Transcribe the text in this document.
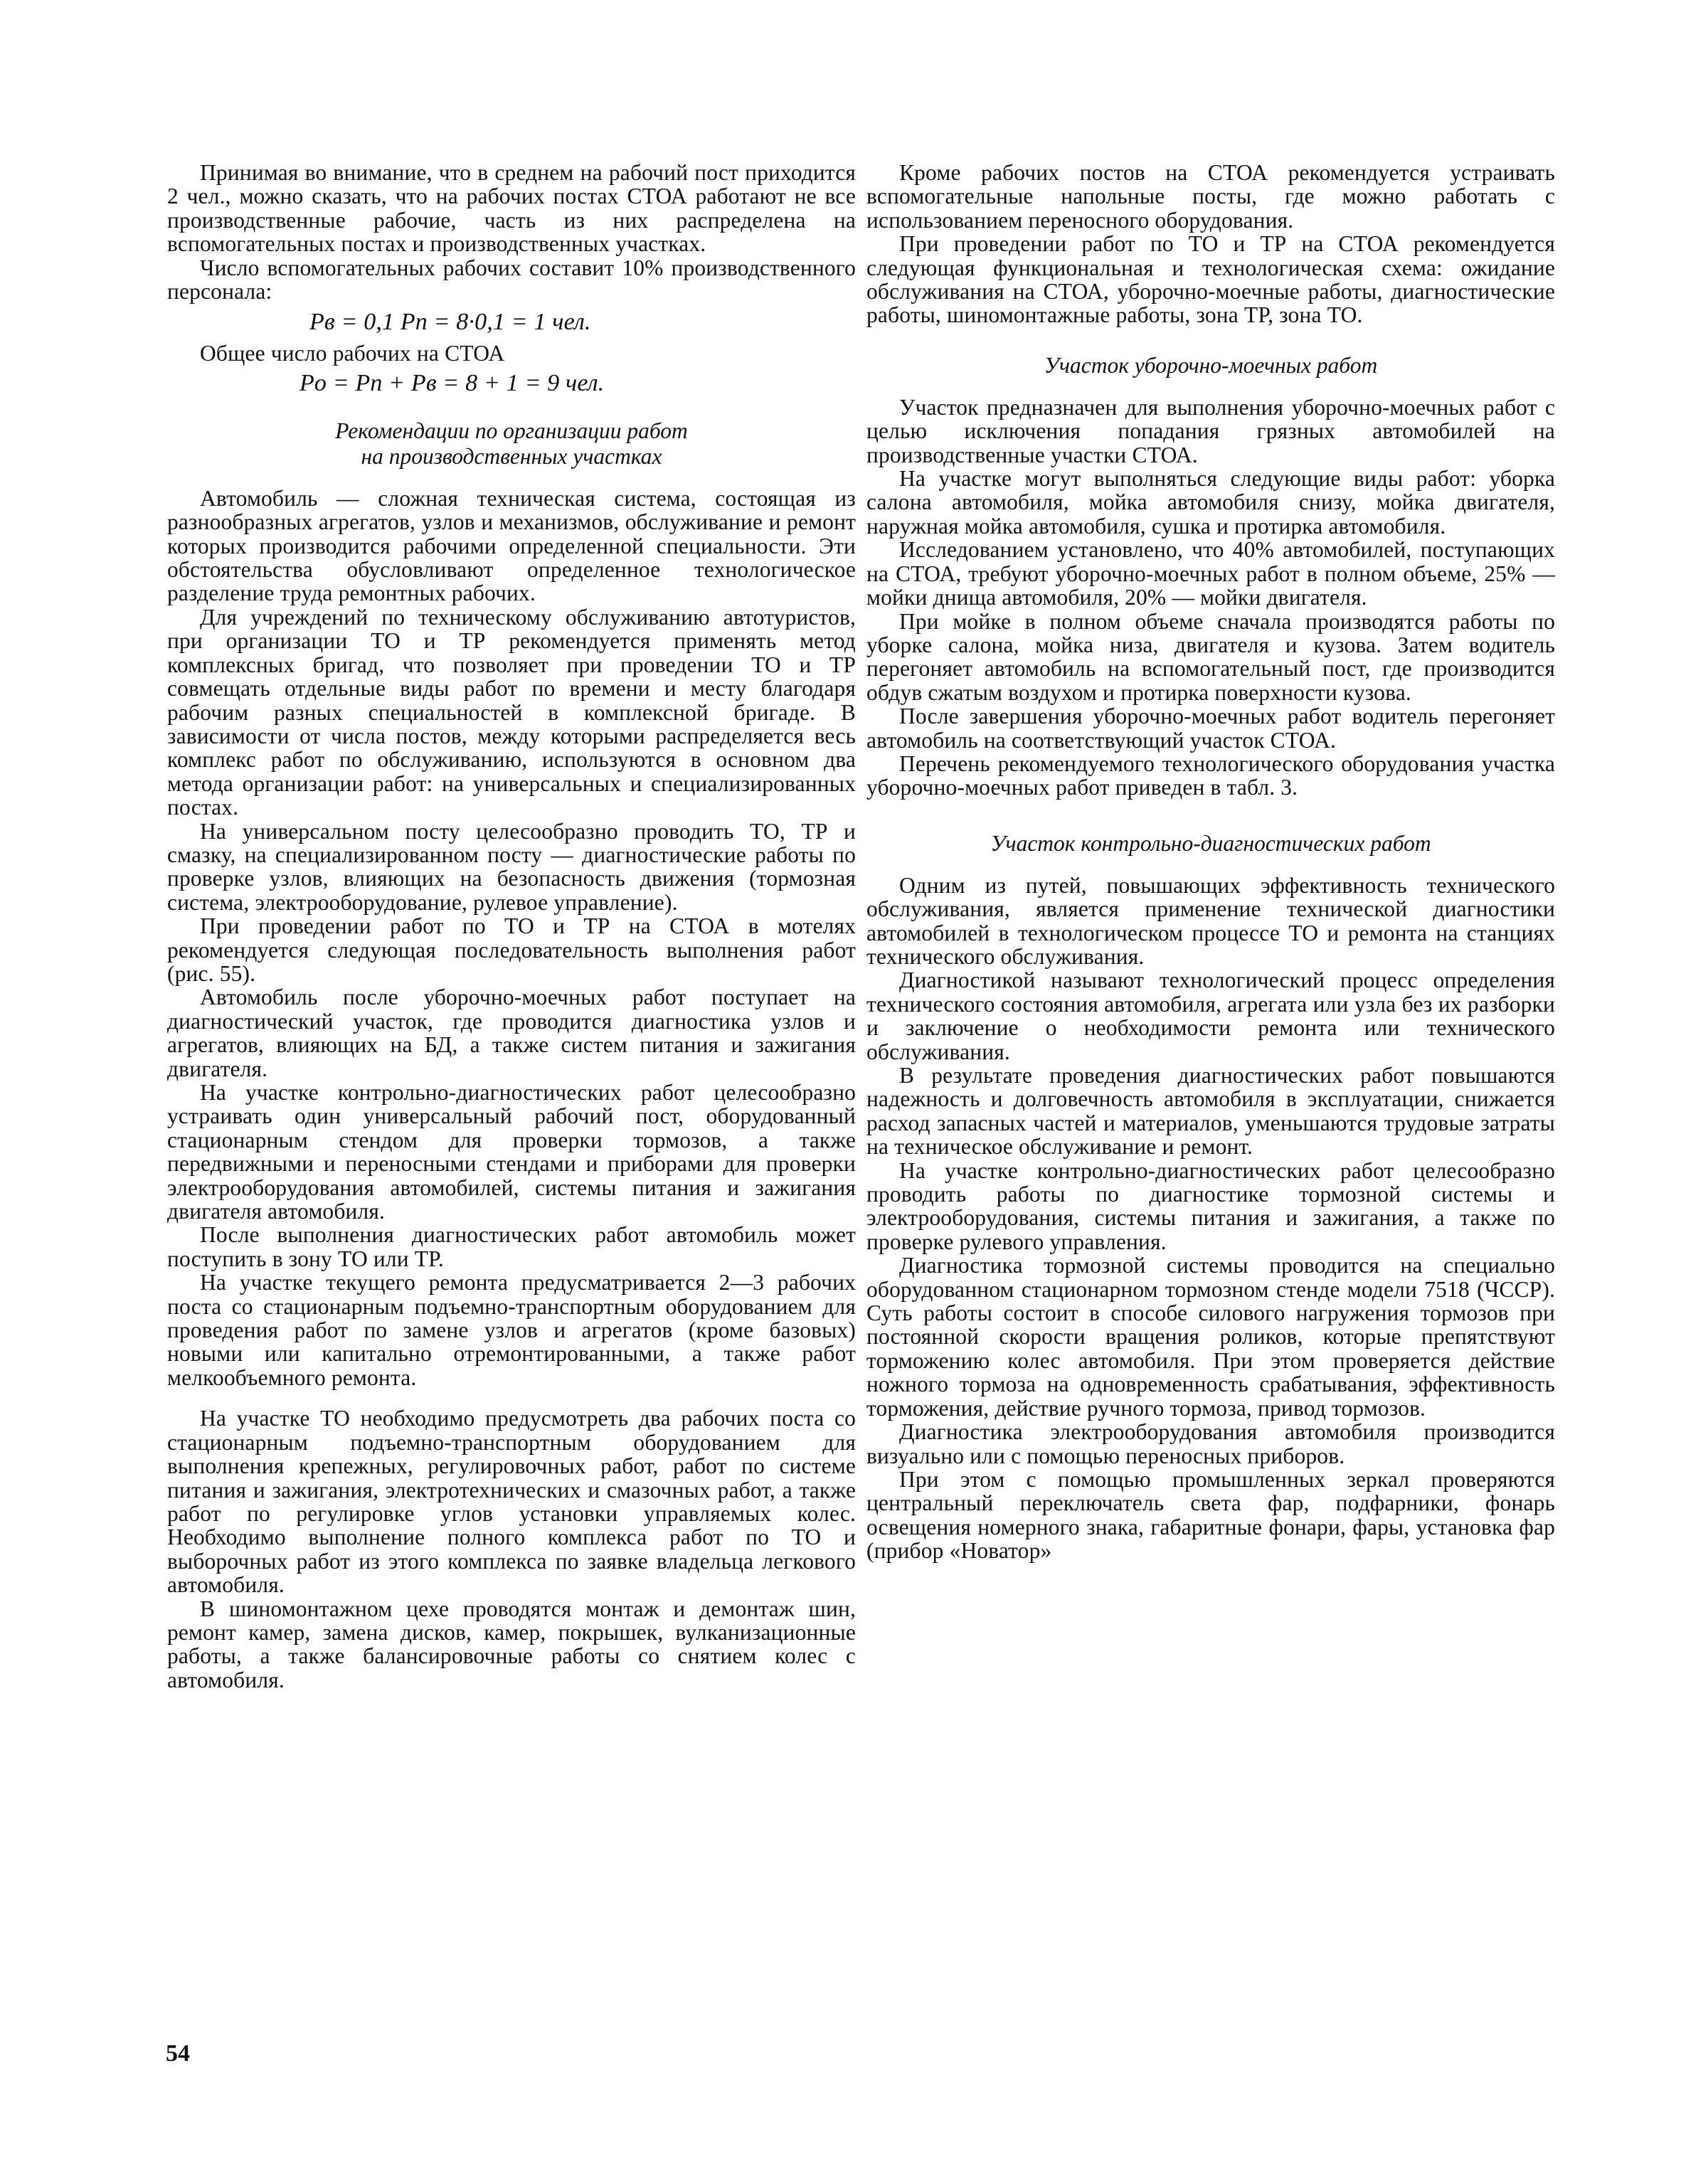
Принимая во внимание, что в среднем на рабочий пост приходится 2 чел., можно сказать, что на рабочих постах СТОА работают не все производственные рабочие, часть из них распределена на вспомогательных постах и производственных участках.

Число вспомогательных рабочих составит 10% производственного персонала:

Pв = 0,1 Pп = 8·0,1 = 1 чел.

Общее число рабочих на СТОА

Pо = Pп + Pв = 8 + 1 = 9 чел.

Рекомендации по организации работ
на производственных участках

Автомобиль — сложная техническая система, состоящая из разнообразных агрегатов, узлов и механизмов, обслуживание и ремонт которых производится рабочими определенной специальности. Эти обстоятельства обусловливают определенное технологическое разделение труда ремонтных рабочих.

Для учреждений по техническому обслуживанию автотуристов, при организации ТО и ТР рекомендуется применять метод комплексных бригад, что позволяет при проведении ТО и ТР совмещать отдельные виды работ по времени и месту благодаря рабочим разных специальностей в комплексной бригаде. В зависимости от числа постов, между которыми распределяется весь комплекс работ по обслуживанию, используются в основном два метода организации работ: на универсальных и специализированных постах.

На универсальном посту целесообразно проводить ТО, ТР и смазку, на специализированном посту — диагностические работы по проверке узлов, влияющих на безопасность движения (тормозная система, электрооборудование, рулевое управление).

При проведении работ по ТО и ТР на СТОА в мотелях рекомендуется следующая последовательность выполнения работ (рис. 55).

Автомобиль после уборочно-моечных работ поступает на диагностический участок, где проводится диагностика узлов и агрегатов, влияющих на БД, а также систем питания и зажигания двигателя.

На участке контрольно-диагностических работ целесообразно устраивать один универсальный рабочий пост, оборудованный стационарным стендом для проверки тормозов, а также передвижными и переносными стендами и приборами для проверки электрооборудования автомобилей, системы питания и зажигания двигателя автомобиля.

После выполнения диагностических работ автомобиль может поступить в зону ТО или ТР.

На участке текущего ремонта предусматривается 2—3 рабочих поста со стационарным подъемно-транспортным оборудованием для проведения работ по замене узлов и агрегатов (кроме базовых) новыми или капитально отремонтированными, а также работ мелкообъемного ремонта.

На участке ТО необходимо предусмотреть два рабочих поста со стационарным подъемно-транспортным оборудованием для выполнения крепежных, регулировочных работ, работ по системе питания и зажигания, электротехнических и смазочных работ, а также работ по регулировке углов установки управляемых колес. Необходимо выполнение полного комплекса работ по ТО и выборочных работ из этого комплекса по заявке владельца легкового автомобиля.

В шиномонтажном цехе проводятся монтаж и демонтаж шин, ремонт камер, замена дисков, камер, покрышек, вулканизационные работы, а также балансировочные работы со снятием колес с автомобиля.

Кроме рабочих постов на СТОА рекомендуется устраивать вспомогательные напольные посты, где можно работать с использованием переносного оборудования.

При проведении работ по ТО и ТР на СТОА рекомендуется следующая функциональная и технологическая схема: ожидание обслуживания на СТОА, уборочно-моечные работы, диагностические работы, шиномонтажные работы, зона ТР, зона ТО.

Участок уборочно-моечных работ

Участок предназначен для выполнения уборочно-моечных работ с целью исключения попадания грязных автомобилей на производственные участки СТОА.

На участке могут выполняться следующие виды работ: уборка салона автомобиля, мойка автомобиля снизу, мойка двигателя, наружная мойка автомобиля, сушка и протирка автомобиля.

Исследованием установлено, что 40% автомобилей, поступающих на СТОА, требуют уборочно-моечных работ в полном объеме, 25% — мойки днища автомобиля, 20% — мойки двигателя.

При мойке в полном объеме сначала производятся работы по уборке салона, мойка низа, двигателя и кузова. Затем водитель перегоняет автомобиль на вспомогательный пост, где производится обдув сжатым воздухом и протирка поверхности кузова.

После завершения уборочно-моечных работ водитель перегоняет автомобиль на соответствующий участок СТОА.

Перечень рекомендуемого технологического оборудования участка уборочно-моечных работ приведен в табл. 3.

Участок контрольно-диагностических работ

Одним из путей, повышающих эффективность технического обслуживания, является применение технической диагностики автомобилей в технологическом процессе ТО и ремонта на станциях технического обслуживания.

Диагностикой называют технологический процесс определения технического состояния автомобиля, агрегата или узла без их разборки и заключение о необходимости ремонта или технического обслуживания.

В результате проведения диагностических работ повышаются надежность и долговечность автомобиля в эксплуатации, снижается расход запасных частей и материалов, уменьшаются трудовые затраты на техническое обслуживание и ремонт.

На участке контрольно-диагностических работ целесообразно проводить работы по диагностике тормозной системы и электрооборудования, системы питания и зажигания, а также по проверке рулевого управления.

Диагностика тормозной системы проводится на специально оборудованном стационарном тормозном стенде модели 7518 (ЧССР). Суть работы состоит в способе силового нагружения тормозов при постоянной скорости вращения роликов, которые препятствуют торможению колес автомобиля. При этом проверяется действие ножного тормоза на одновременность срабатывания, эффективность торможения, действие ручного тормоза, привод тормозов.

Диагностика электрооборудования автомобиля производится визуально или с помощью переносных приборов.

При этом с помощью промышленных зеркал проверяются центральный переключатель света фар, подфарники, фонарь освещения номерного знака, габаритные фонари, фары, установка фар (прибор «Новатор»

54
